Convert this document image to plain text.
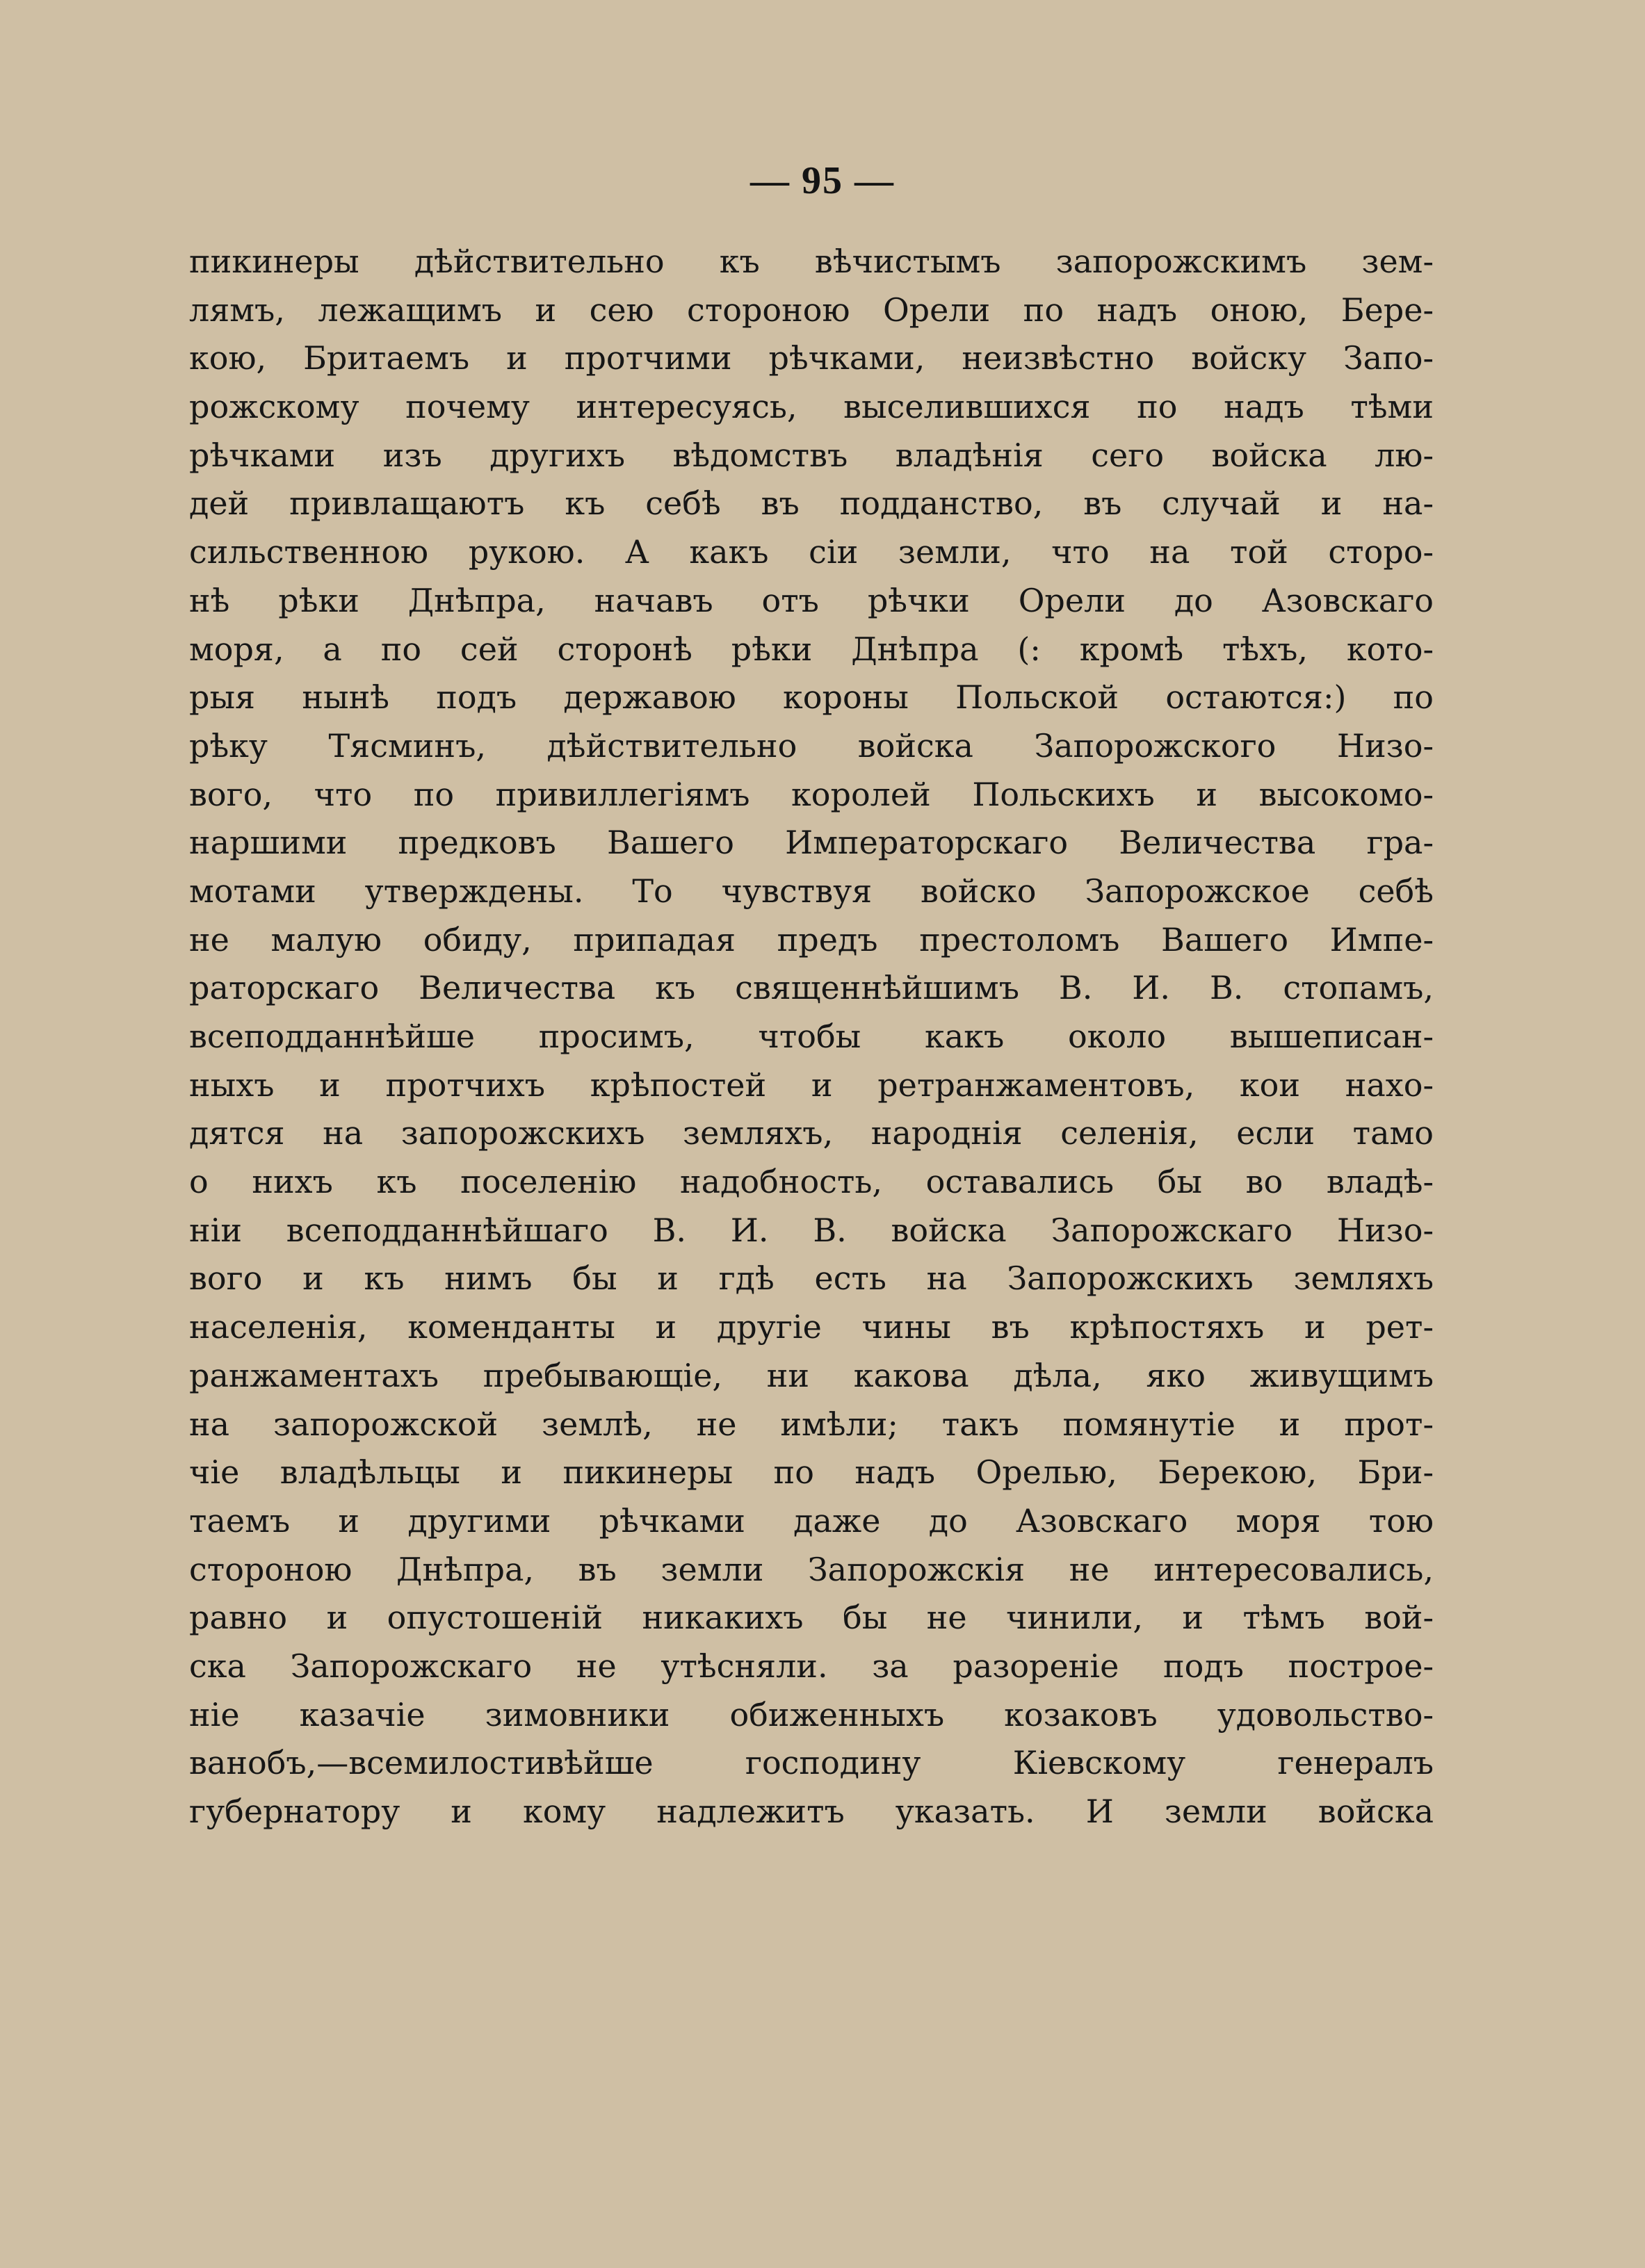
— 95 —
пикинеры дѣйствительно къ вѣчистымъ запорожскимъ зем-
лямъ, лежащимъ и сею стороною Орели по надъ оною, Бере-
кою, Бритаемъ и протчими рѣчками, неизвѣстно войску Запо-
рожскому почему интересуясь, выселившихся по надъ тѣми
рѣчками изъ другихъ вѣдомствъ владѣнія сего войска лю-
дей привлащаютъ къ себѣ въ подданство, въ случай и на-
сильственною рукою. А какъ сіи земли, что на той сторо-
нѣ рѣки Днѣпра, начавъ отъ рѣчки Орели до Азовскаго
моря, а по сей сторонѣ рѣки Днѣпра (: кромѣ тѣхъ, кото-
рыя нынѣ подъ державою короны Польской остаются:) по
рѣку Тясминъ, дѣйствительно войска Запорожского Низо-
вого, что по привиллегіямъ королей Польскихъ и высокомо-
наршими предковъ Вашего Императорскаго Величества гра-
мотами утверждены. То чувствуя войско Запорожское себѣ
не малую обиду, припадая предъ престоломъ Вашего Импе-
раторскаго Величества къ священнѣйшимъ В. И. В. стопамъ,
всеподданнѣйше просимъ, чтобы какъ около вышеписан-
ныхъ и протчихъ крѣпостей и ретранжаментовъ, кои нахо-
дятся на запорожскихъ земляхъ, народнія селенія, если тамо
о нихъ къ поселенію надобность, оставались бы во владѣ-
ніи всеподданнѣйшаго В. И. В. войска Запорожскаго Низо-
вого и къ нимъ бы и гдѣ есть на Запорожскихъ земляхъ
населенія, коменданты и другіе чины въ крѣпостяхъ и рет-
ранжаментахъ пребывающіе, ни какова дѣла, яко живущимъ
на запорожской землѣ, не имѣли; такъ помянутіе и прот-
чіе владѣльцы и пикинеры по надъ Орелью, Берекою, Бри-
таемъ и другими рѣчками даже до Азовскаго моря тою
стороною Днѣпра, въ земли Запорожскія не интересовались,
равно и опустошеній никакихъ бы не чинили, и тѣмъ вой-
ска Запорожскаго не утѣсняли. за разореніе подъ построе-
ніе казачіе зимовники обиженныхъ козаковъ удовольство-
ванобъ,—всемилостивѣйше господину Кіевскому генералъ
губернатору и кому надлежитъ указать. И земли войска
